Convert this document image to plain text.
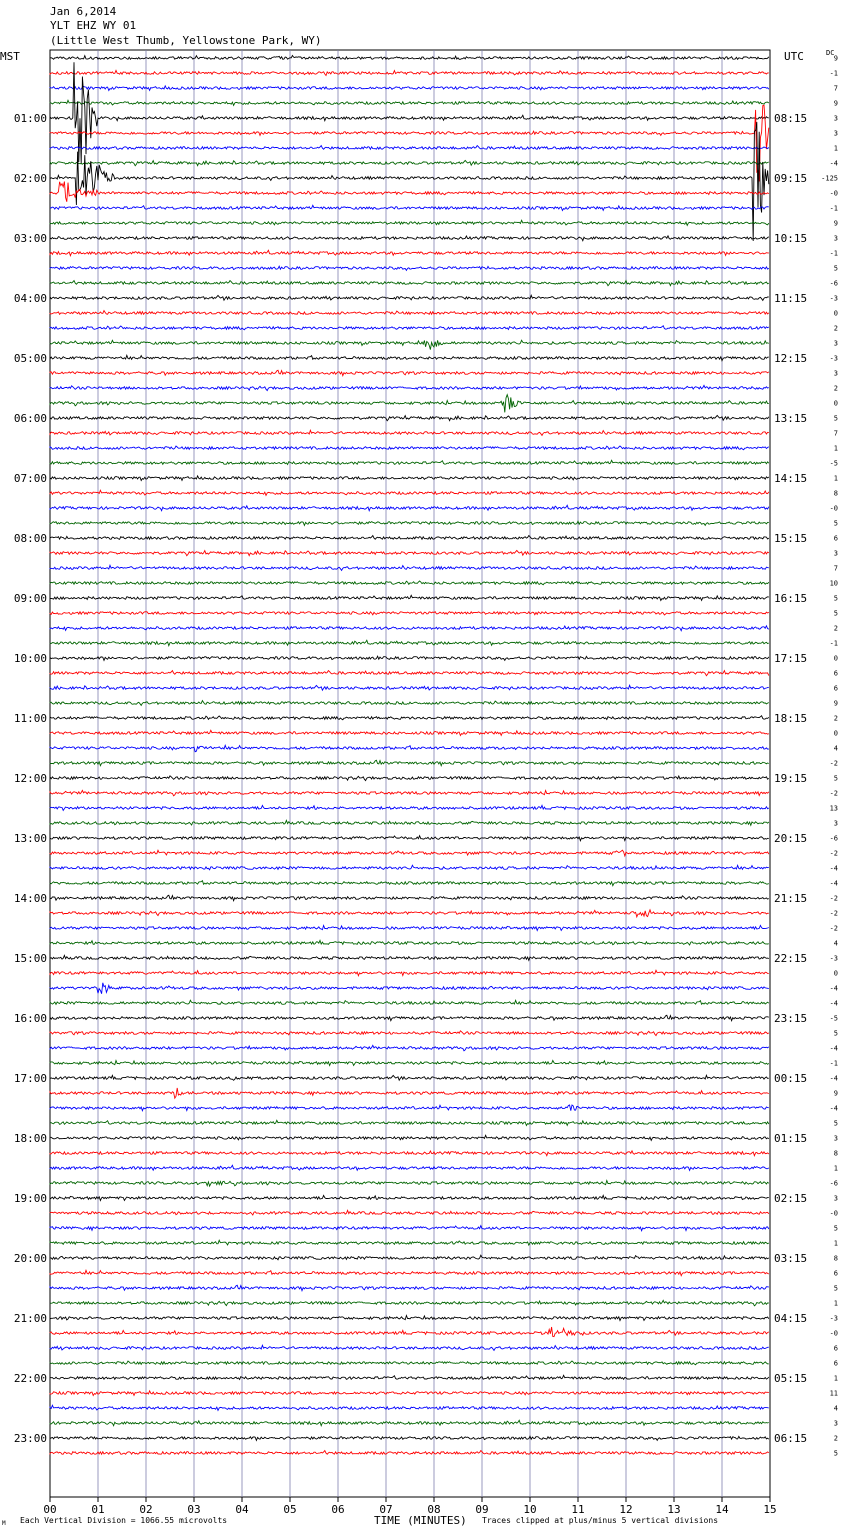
Jan 6,2014
YLT EHZ WY 01
(Little West Thumb, Yellowstone Park, WY)
MST	UTC	DC
00	01	02	03	04	05	06	07	08	09	10	11	12	13	14	15
9
-1
7
9
3
3
1
-4
-125
-0
-1
9
3
-1
5
-6
-3
0
2
3
-3
3
2
0
5
7
1
-5
1
8
-0
5
6
3
7
10
5
5
2
-1
0
6
6
9
2
0
4
-2
5
-2
13
3
-6
-2
-4
-4
-2
-2
-2
4
-3
0
-4
-4
-5
5
-4
-1
-4
9
-4
5
3
8
1
-6
3
-0
5
1
8
6
5
1
-3
-0
6
6
1
11
4
3
2
5
01:00	08:15
02:00	09:15
03:00	10:15
04:00	11:15
05:00	12:15
06:00	13:15
07:00	14:15
08:00	15:15
09:00	16:15
10:00	17:15
11:00	18:15
12:00	19:15
13:00	20:15
14:00	21:15
15:00	22:15
16:00	23:15
17:00	00:15
18:00	01:15
19:00	02:15
20:00	03:15
21:00	04:15
22:00	05:15
23:00	06:15
TIME (MINUTES)
Each Vertical Division = 1066.55 microvolts	Traces clipped at plus/minus 5 vertical divisions
M
